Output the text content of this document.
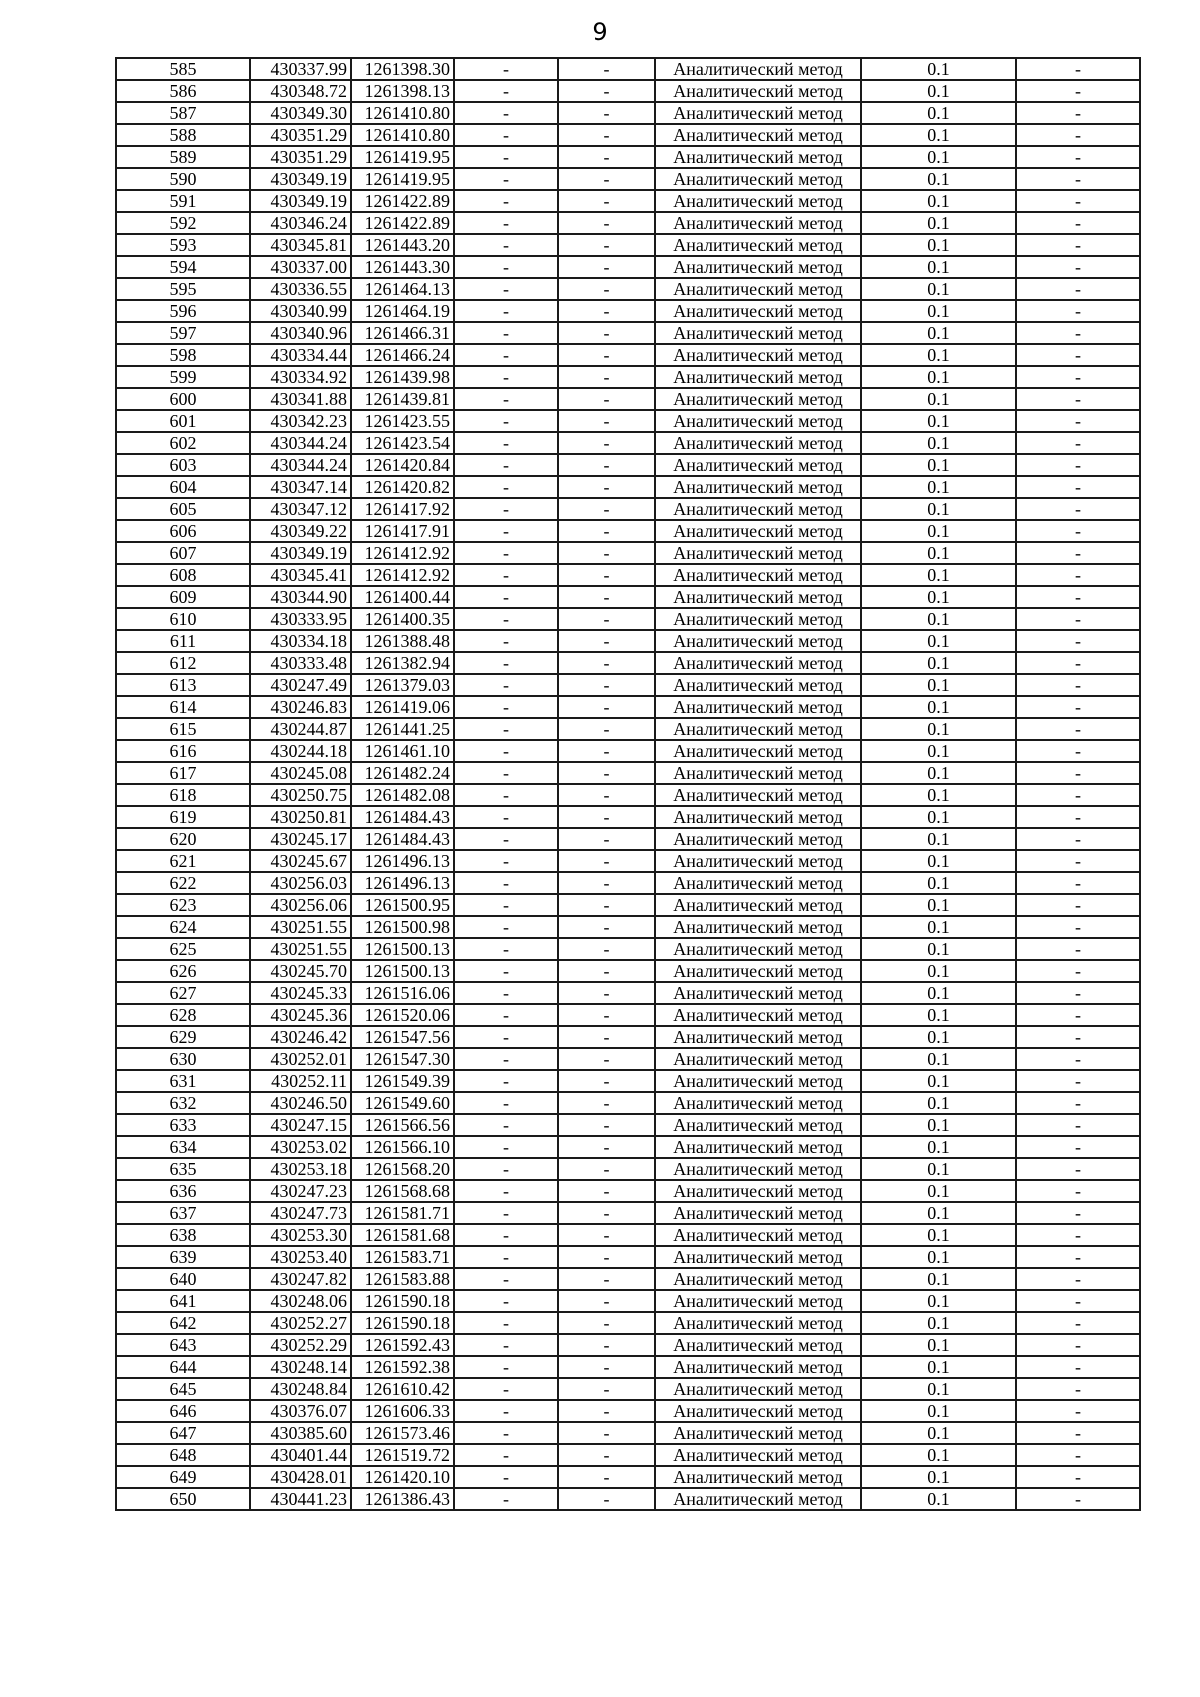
9
585	430337.99	1261398.30	-	-	Аналитический метод	0.1	-
586	430348.72	1261398.13	-	-	Аналитический метод	0.1	-
587	430349.30	1261410.80	-	-	Аналитический метод	0.1	-
588	430351.29	1261410.80	-	-	Аналитический метод	0.1	-
589	430351.29	1261419.95	-	-	Аналитический метод	0.1	-
590	430349.19	1261419.95	-	-	Аналитический метод	0.1	-
591	430349.19	1261422.89	-	-	Аналитический метод	0.1	-
592	430346.24	1261422.89	-	-	Аналитический метод	0.1	-
593	430345.81	1261443.20	-	-	Аналитический метод	0.1	-
594	430337.00	1261443.30	-	-	Аналитический метод	0.1	-
595	430336.55	1261464.13	-	-	Аналитический метод	0.1	-
596	430340.99	1261464.19	-	-	Аналитический метод	0.1	-
597	430340.96	1261466.31	-	-	Аналитический метод	0.1	-
598	430334.44	1261466.24	-	-	Аналитический метод	0.1	-
599	430334.92	1261439.98	-	-	Аналитический метод	0.1	-
600	430341.88	1261439.81	-	-	Аналитический метод	0.1	-
601	430342.23	1261423.55	-	-	Аналитический метод	0.1	-
602	430344.24	1261423.54	-	-	Аналитический метод	0.1	-
603	430344.24	1261420.84	-	-	Аналитический метод	0.1	-
604	430347.14	1261420.82	-	-	Аналитический метод	0.1	-
605	430347.12	1261417.92	-	-	Аналитический метод	0.1	-
606	430349.22	1261417.91	-	-	Аналитический метод	0.1	-
607	430349.19	1261412.92	-	-	Аналитический метод	0.1	-
608	430345.41	1261412.92	-	-	Аналитический метод	0.1	-
609	430344.90	1261400.44	-	-	Аналитический метод	0.1	-
610	430333.95	1261400.35	-	-	Аналитический метод	0.1	-
611	430334.18	1261388.48	-	-	Аналитический метод	0.1	-
612	430333.48	1261382.94	-	-	Аналитический метод	0.1	-
613	430247.49	1261379.03	-	-	Аналитический метод	0.1	-
614	430246.83	1261419.06	-	-	Аналитический метод	0.1	-
615	430244.87	1261441.25	-	-	Аналитический метод	0.1	-
616	430244.18	1261461.10	-	-	Аналитический метод	0.1	-
617	430245.08	1261482.24	-	-	Аналитический метод	0.1	-
618	430250.75	1261482.08	-	-	Аналитический метод	0.1	-
619	430250.81	1261484.43	-	-	Аналитический метод	0.1	-
620	430245.17	1261484.43	-	-	Аналитический метод	0.1	-
621	430245.67	1261496.13	-	-	Аналитический метод	0.1	-
622	430256.03	1261496.13	-	-	Аналитический метод	0.1	-
623	430256.06	1261500.95	-	-	Аналитический метод	0.1	-
624	430251.55	1261500.98	-	-	Аналитический метод	0.1	-
625	430251.55	1261500.13	-	-	Аналитический метод	0.1	-
626	430245.70	1261500.13	-	-	Аналитический метод	0.1	-
627	430245.33	1261516.06	-	-	Аналитический метод	0.1	-
628	430245.36	1261520.06	-	-	Аналитический метод	0.1	-
629	430246.42	1261547.56	-	-	Аналитический метод	0.1	-
630	430252.01	1261547.30	-	-	Аналитический метод	0.1	-
631	430252.11	1261549.39	-	-	Аналитический метод	0.1	-
632	430246.50	1261549.60	-	-	Аналитический метод	0.1	-
633	430247.15	1261566.56	-	-	Аналитический метод	0.1	-
634	430253.02	1261566.10	-	-	Аналитический метод	0.1	-
635	430253.18	1261568.20	-	-	Аналитический метод	0.1	-
636	430247.23	1261568.68	-	-	Аналитический метод	0.1	-
637	430247.73	1261581.71	-	-	Аналитический метод	0.1	-
638	430253.30	1261581.68	-	-	Аналитический метод	0.1	-
639	430253.40	1261583.71	-	-	Аналитический метод	0.1	-
640	430247.82	1261583.88	-	-	Аналитический метод	0.1	-
641	430248.06	1261590.18	-	-	Аналитический метод	0.1	-
642	430252.27	1261590.18	-	-	Аналитический метод	0.1	-
643	430252.29	1261592.43	-	-	Аналитический метод	0.1	-
644	430248.14	1261592.38	-	-	Аналитический метод	0.1	-
645	430248.84	1261610.42	-	-	Аналитический метод	0.1	-
646	430376.07	1261606.33	-	-	Аналитический метод	0.1	-
647	430385.60	1261573.46	-	-	Аналитический метод	0.1	-
648	430401.44	1261519.72	-	-	Аналитический метод	0.1	-
649	430428.01	1261420.10	-	-	Аналитический метод	0.1	-
650	430441.23	1261386.43	-	-	Аналитический метод	0.1	-
